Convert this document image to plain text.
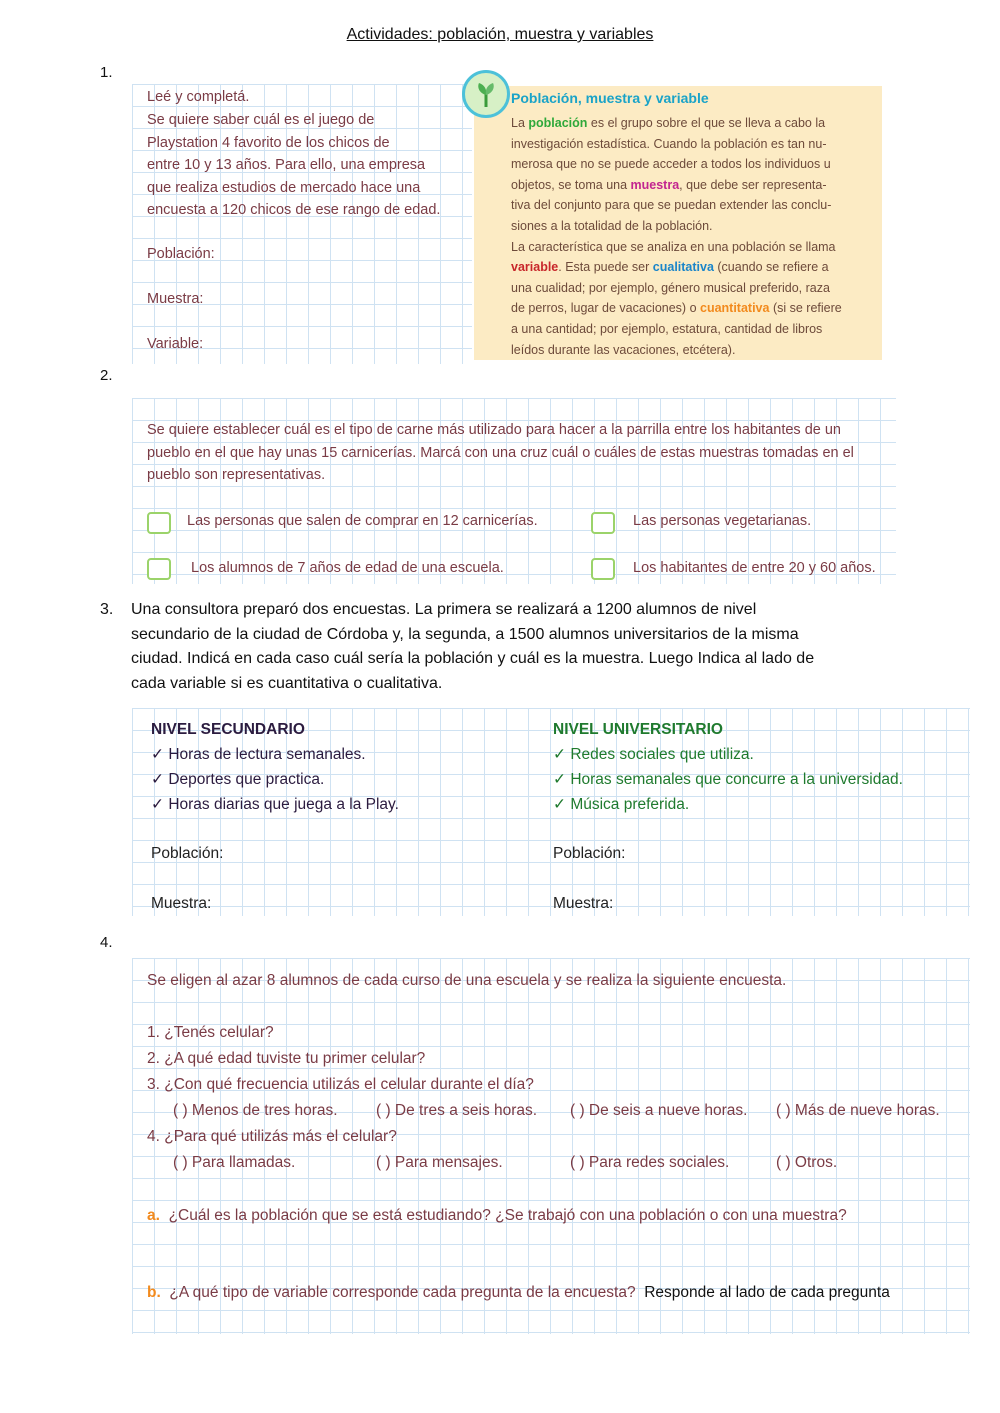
Actividades: población, muestra y variables
1.
Leé y completá.
Se quiere saber cuál es el juego de
Playstation 4 favorito de los chicos de
entre 10 y 13 años. Para ello, una empresa
que realiza estudios de mercado hace una
encuesta a 120 chicos de ese rango de edad.
Población:
Muestra:
Variable:
Población, muestra y variable
La población es el grupo sobre el que se lleva a cabo la
investigación estadística. Cuando la población es tan nu-
merosa que no se puede acceder a todos los individuos u
objetos, se toma una muestra, que debe ser representa-
tiva del conjunto para que se puedan extender las conclu-
siones a la totalidad de la población.
La característica que se analiza en una población se llama
variable. Esta puede ser cualitativa (cuando se refiere a
una cualidad; por ejemplo, género musical preferido, raza
de perros, lugar de vacaciones) o cuantitativa (si se refiere
a una cantidad; por ejemplo, estatura, cantidad de libros
leídos durante las vacaciones, etcétera).
2.
Se quiere establecer cuál es el tipo de carne más utilizado para hacer a la parrilla entre los habitantes de un
pueblo en el que hay unas 15 carnicerías. Marcá con una cruz cuál o cuáles de estas muestras tomadas en el
pueblo son representativas.
Las personas que salen de comprar en 12 carnicerías.	Las personas vegetarianas.
Los alumnos de 7 años de edad de una escuela.	Los habitantes de entre 20 y 60 años.
3. Una consultora preparó dos encuestas. La primera se realizará a 1200 alumnos de nivel
secundario de la ciudad de Córdoba y, la segunda, a 1500 alumnos universitarios de la misma
ciudad. Indicá en cada caso cuál sería la población y cuál es la muestra. Luego Indica al lado de
cada variable si es cuantitativa o cualitativa.
NIVEL SECUNDARIO
✓ Horas de lectura semanales.
✓ Deportes que practica.
✓ Horas diarias que juega a la Play.
Población:
Muestra:
NIVEL UNIVERSITARIO
✓ Redes sociales que utiliza.
✓ Horas semanales que concurre a la universidad.
✓ Música preferida.
Población:
Muestra:
4.
Se eligen al azar 8 alumnos de cada curso de una escuela y se realiza la siguiente encuesta.
1. ¿Tenés celular?
2. ¿A qué edad tuviste tu primer celular?
3. ¿Con qué frecuencia utilizás el celular durante el día?
( ) Menos de tres horas. ( ) De tres a seis horas. ( ) De seis a nueve horas. ( ) Más de nueve horas.
4. ¿Para qué utilizás más el celular?
( ) Para llamadas.	( ) Para mensajes.	( ) Para redes sociales.	( ) Otros.
a. ¿Cuál es la población que se está estudiando? ¿Se trabajó con una población o con una muestra?
b. ¿A qué tipo de variable corresponde cada pregunta de la encuesta? Responde al lado de cada pregunta
